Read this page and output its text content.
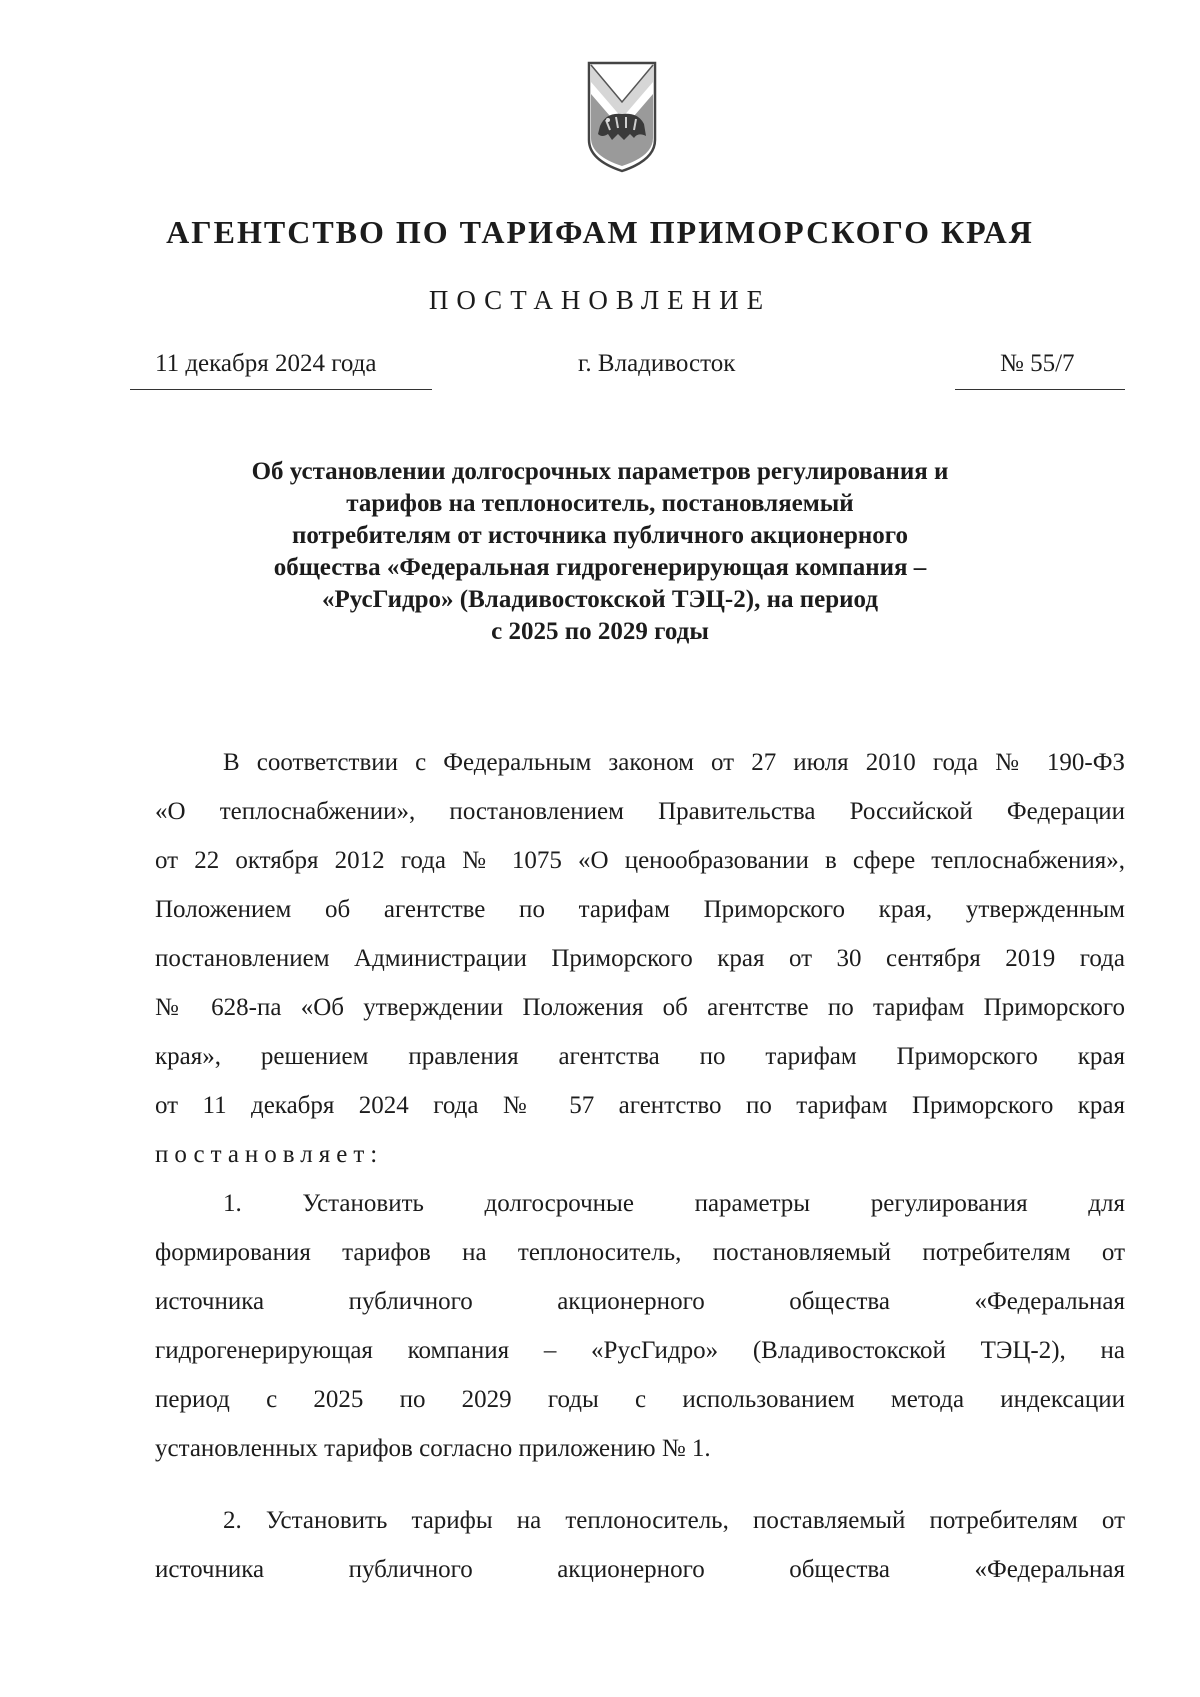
АГЕНТСТВО ПО ТАРИФАМ ПРИМОРСКОГО КРАЯ
ПОСТАНОВЛЕНИЕ
11 декабря 2024 года	г. Владивосток	№ 55/7
Об установлении долгосрочных параметров регулирования и
тарифов на теплоноситель, постановляемый
потребителям от источника публичного акционерного
общества «Федеральная гидрогенерирующая компания –
«РусГидро» (Владивостокской ТЭЦ-2), на период
с 2025 по 2029 годы
В соответствии с Федеральным законом от 27 июля 2010 года № 190-ФЗ
«О теплоснабжении», постановлением Правительства Российской Федерации
от 22 октября 2012 года № 1075 «О ценообразовании в сфере теплоснабжения»,
Положением об агентстве по тарифам Приморского края, утвержденным
постановлением Администрации Приморского края от 30 сентября 2019 года
№ 628-па «Об утверждении Положения об агентстве по тарифам Приморского
края», решением правления агентства по тарифам Приморского края
от 11 декабря 2024 года № 57 агентство по тарифам Приморского края
постановляет:
1. Установить долгосрочные параметры регулирования для
формирования тарифов на теплоноситель, постановляемый потребителям от
источника публичного акционерного общества «Федеральная
гидрогенерирующая компания – «РусГидро» (Владивостокской ТЭЦ-2), на
период с 2025 по 2029 годы с использованием метода индексации
установленных тарифов согласно приложению № 1.
2. Установить тарифы на теплоноситель, поставляемый потребителям от
источника публичного акционерного общества «Федеральная
